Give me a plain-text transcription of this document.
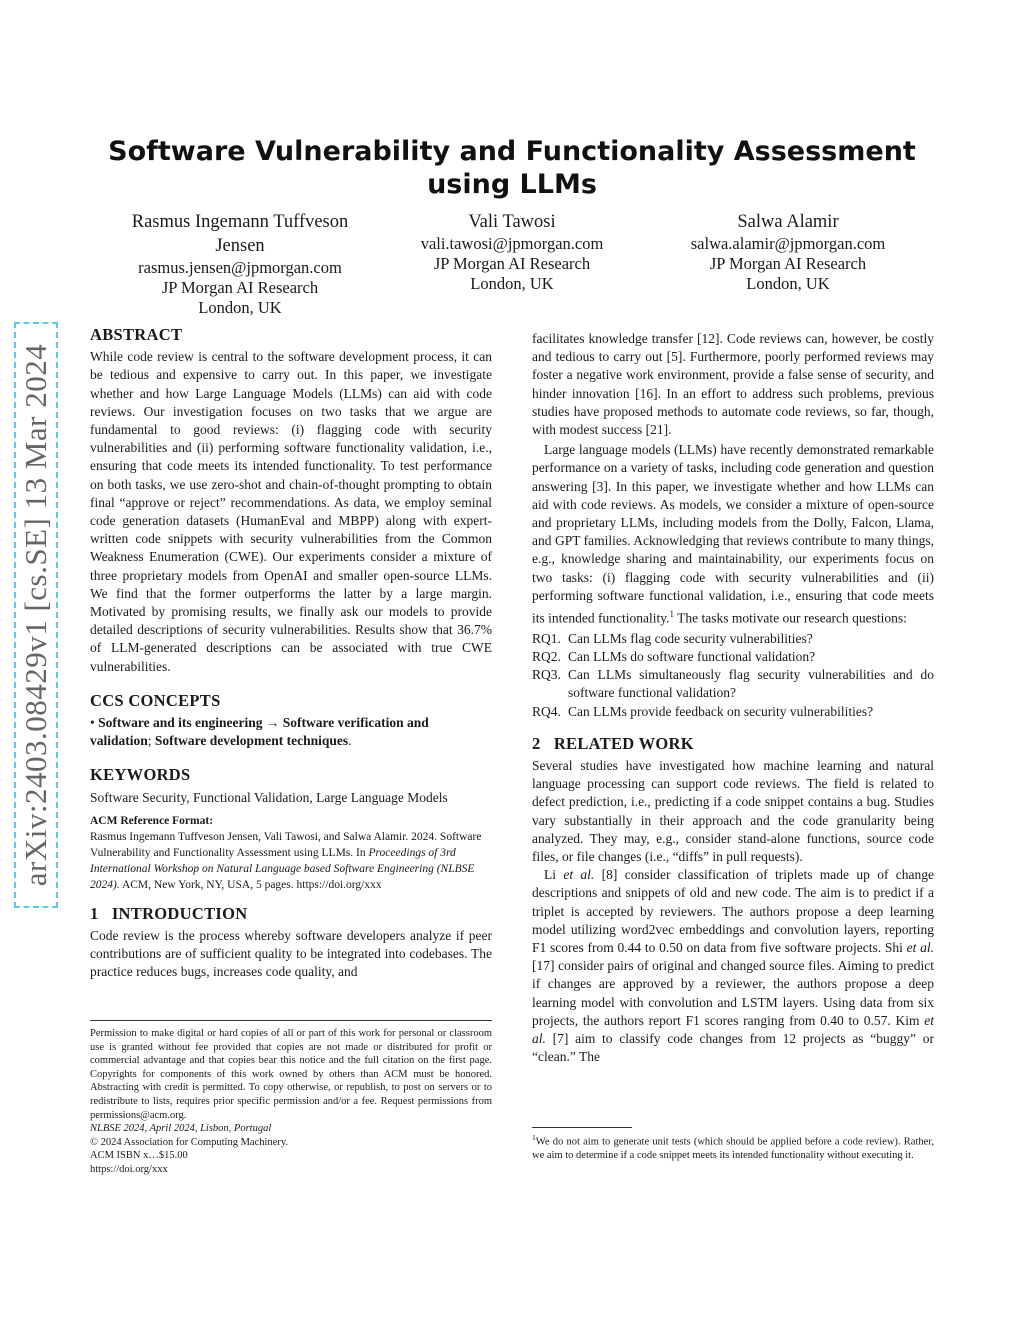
Software Vulnerability and Functionality Assessment using LLMs
Rasmus Ingemann Tuffveson Jensen
rasmus.jensen@jpmorgan.com
JP Morgan AI Research
London, UK
Vali Tawosi
vali.tawosi@jpmorgan.com
JP Morgan AI Research
London, UK
Salwa Alamir
salwa.alamir@jpmorgan.com
JP Morgan AI Research
London, UK
arXiv:2403.08429v1 [cs.SE] 13 Mar 2024
ABSTRACT

While code review is central to the software development process, it can be tedious and expensive to carry out. In this paper, we investigate whether and how Large Language Models (LLMs) can aid with code reviews. Our investigation focuses on two tasks that we argue are fundamental to good reviews: (i) flagging code with security vulnerabilities and (ii) performing software functionality validation, i.e., ensuring that code meets its intended functionality. To test performance on both tasks, we use zero-shot and chain-of-thought prompting to obtain final “approve or reject” recommendations. As data, we employ seminal code generation datasets (HumanEval and MBPP) along with expert-written code snippets with security vulnerabilities from the Common Weakness Enumeration (CWE). Our experiments consider a mixture of three proprietary models from OpenAI and smaller open-source LLMs. We find that the former outperforms the latter by a large margin. Motivated by promising results, we finally ask our models to provide detailed descriptions of security vulnerabilities. Results show that 36.7% of LLM-generated descriptions can be associated with true CWE vulnerabilities.

CCS CONCEPTS

• Software and its engineering → Software verification and validation; Software development techniques.

KEYWORDS

Software Security, Functional Validation, Large Language Models

ACM Reference Format:
Rasmus Ingemann Tuffveson Jensen, Vali Tawosi, and Salwa Alamir. 2024. Software Vulnerability and Functionality Assessment using LLMs. In Proceedings of 3rd International Workshop on Natural Language based Software Engineering (NLBSE 2024). ACM, New York, NY, USA, 5 pages. https://doi.org/xxx
1   INTRODUCTION

Code review is the process whereby software developers analyze if peer contributions are of sufficient quality to be integrated into codebases. The practice reduces bugs, increases code quality, and

Permission to make digital or hard copies of all or part of this work for personal or classroom use is granted without fee provided that copies are not made or distributed for profit or commercial advantage and that copies bear this notice and the full citation on the first page. Copyrights for components of this work owned by others than ACM must be honored. Abstracting with credit is permitted. To copy otherwise, or republish, to post on servers or to redistribute to lists, requires prior specific permission and/or a fee. Request permissions from permissions@acm.org.
NLBSE 2024, April 2024, Lisbon, Portugal
© 2024 Association for Computing Machinery.
ACM ISBN x…$15.00
https://doi.org/xxx

facilitates knowledge transfer [12]. Code reviews can, however, be costly and tedious to carry out [5]. Furthermore, poorly performed reviews may foster a negative work environment, provide a false sense of security, and hinder innovation [16]. In an effort to address such problems, previous studies have proposed methods to automate code reviews, so far, though, with modest success [21].

Large language models (LLMs) have recently demonstrated remarkable performance on a variety of tasks, including code generation and question answering [3]. In this paper, we investigate whether and how LLMs can aid with code reviews. As models, we consider a mixture of open-source and proprietary LLMs, including models from the Dolly, Falcon, Llama, and GPT families. Acknowledging that reviews contribute to many things, e.g., knowledge sharing and maintainability, our experiments focus on two tasks: (i) flagging code with security vulnerabilities and (ii) performing software functional validation, i.e., ensuring that code meets its intended functionality.$^1$ The tasks motivate our research questions:

RQ1. Can LLMs flag code security vulnerabilities?
RQ2. Can LLMs do software functional validation?
RQ3. Can LLMs simultaneously flag security vulnerabilities and do software functional validation?
RQ4. Can LLMs provide feedback on security vulnerabilities?
2   RELATED WORK

Several studies have investigated how machine learning and natural language processing can support code reviews. The field is related to defect prediction, i.e., predicting if a code snippet contains a bug. Studies vary substantially in their approach and the code granularity being analyzed. They may, e.g., consider stand-alone functions, source code files, or file changes (i.e., “diffs” in pull requests).

Li et al. [8] consider classification of triplets made up of change descriptions and snippets of old and new code. The aim is to predict if a triplet is accepted by reviewers. The authors propose a deep learning model utilizing word2vec embeddings and convolution layers, reporting F1 scores from 0.44 to 0.50 on data from five software projects. Shi et al. [17] consider pairs of original and changed source files. Aiming to predict if changes are approved by a reviewer, the authors propose a deep learning model with convolution and LSTM layers. Using data from six projects, the authors report F1 scores ranging from 0.40 to 0.57. Kim et al. [7] aim to classify code changes from 12 projects as “buggy” or “clean.” The

$^1$We do not aim to generate unit tests (which should be applied before a code review). Rather, we aim to determine if a code snippet meets its intended functionality without executing it.
